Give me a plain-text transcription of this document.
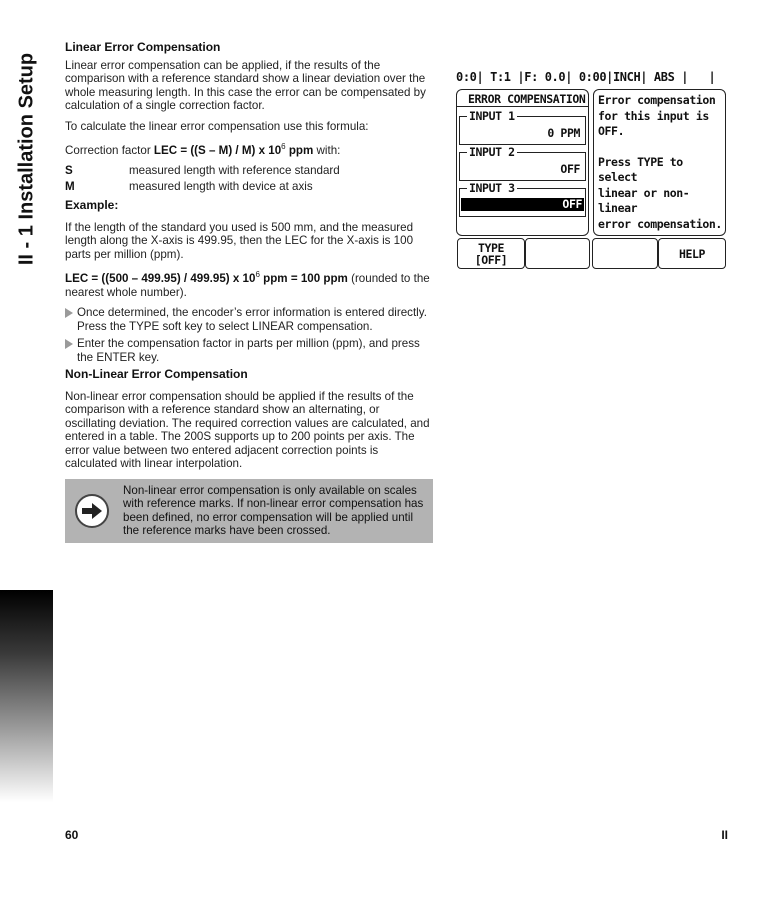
II - 1 Installation Setup
Linear Error Compensation

Linear error compensation can be applied, if the results of the comparison with a reference standard show a linear deviation over the whole measuring length. In this case the error can be compensated by calculation of a single correction factor.

To calculate the linear error compensation use this formula:

Correction factor LEC = ((S – M) / M) x $10^6$ ppm with:

S	measured length with reference standard
M	measured length with device at axis
Example:

If the length of the standard you used is 500 mm, and the measured length along the X-axis is 499.95, then the LEC for the X-axis is 100 parts per million (ppm).

LEC = ((500 – 499.95) / 499.95) x $10^6$ ppm = 100 ppm (rounded to the nearest whole number).

Once determined, the encoder’s error information is entered directly. Press the TYPE soft key to select LINEAR compensation.
Enter the compensation factor in parts per million (ppm), and press the ENTER key.
Non-Linear Error Compensation

Non-linear error compensation should be applied if the results of the comparison with a reference standard show an alternating, or oscillating deviation. The required correction values are calculated, and entered in a table. The 200S supports up to 200 points per axis. The error value between two entered adjacent correction points is calculated with linear interpolation.

Non-linear error compensation is only available on scales with reference marks. If non-linear error compensation has been defined, no error compensation will be applied until the reference marks have been crossed.
0:0| T:1 |F: 0.0| 0:00|INCH| ABS |   |
ERROR COMPENSATION
INPUT 1
0 PPM
INPUT 2
OFF
INPUT 3
OFF
Error compensation
for this input is OFF.
Press TYPE to select
linear or non-linear
error compensation.
TYPE
[OFF]	HELP
60	II
